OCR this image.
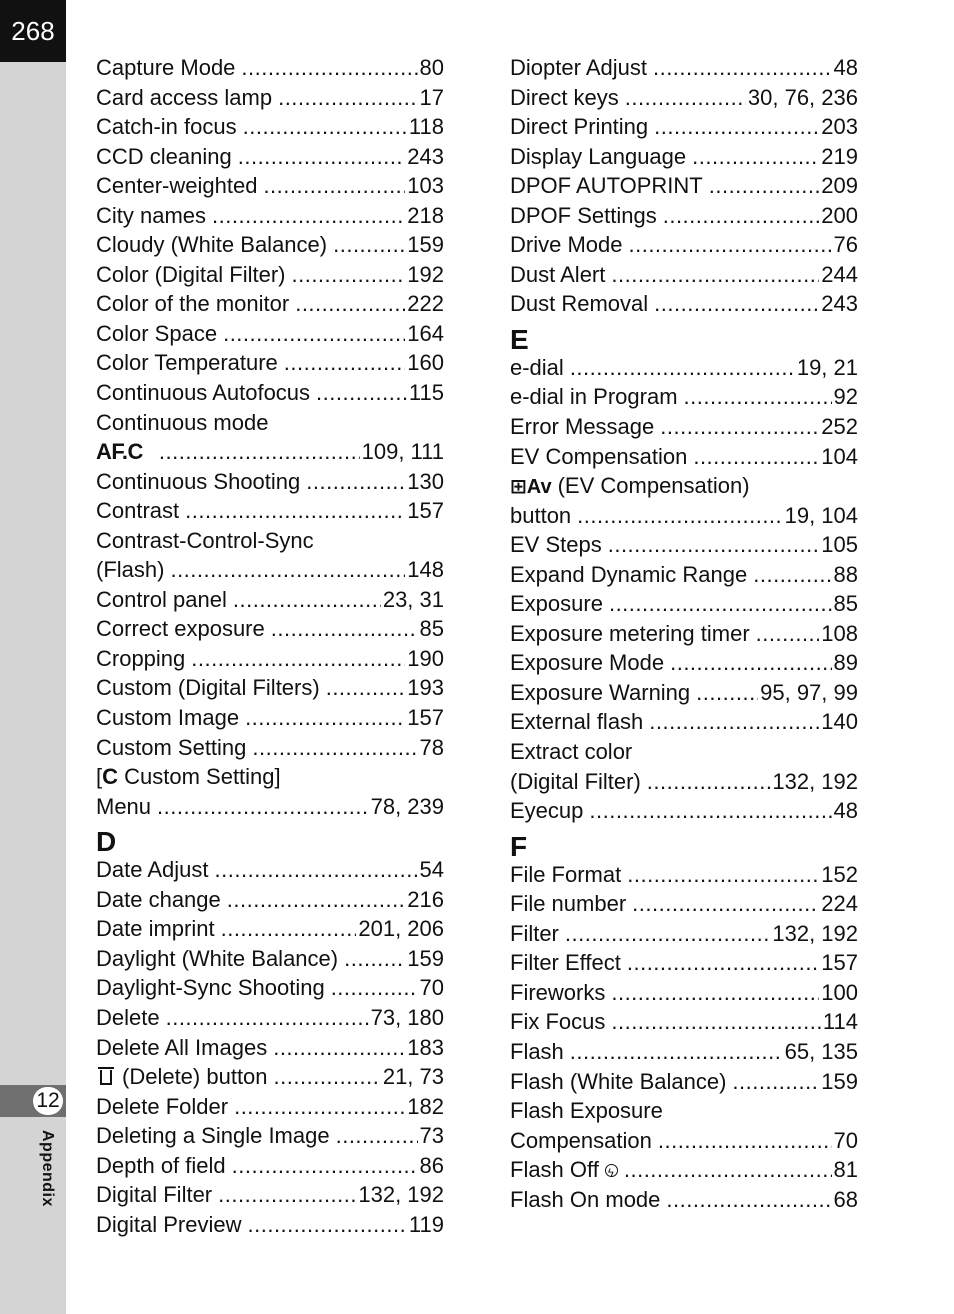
268
12
Appendix
Capture Mode .....	80
Card access lamp .....	17
Catch-in focus .....	118
CCD cleaning .....	243
Center-weighted .....	103
City names .....	218
Cloudy (White Balance) .....	159
Color (Digital Filter) .....	192
Color of the monitor .....	222
Color Space .....	164
Color Temperature .....	160
Continuous Autofocus .....	115
Continuous mode
AF.C .....	109, 111
Continuous Shooting .....	130
Contrast .....	157
Contrast-Control-Sync
(Flash) .....	148
Control panel .....	23, 31
Correct exposure .....	85
Cropping .....	190
Custom (Digital Filters) .....	193
Custom Image .....	157
Custom Setting .....	78
[C Custom Setting]
Menu .....	78, 239
D
Date Adjust .....	54
Date change .....	216
Date imprint .....	201, 206
Daylight (White Balance) .....	159
Daylight-Sync Shooting .....	70
Delete .....	73, 180
Delete All Images .....	183
(Delete) button .....	21, 73
Delete Folder .....	182
Deleting a Single Image .....	73
Depth of field .....	86
Digital Filter .....	132, 192
Digital Preview .....	119
Diopter Adjust .....	48
Direct keys .....	30, 76, 236
Direct Printing .....	203
Display Language .....	219
DPOF AUTOPRINT .....	209
DPOF Settings .....	200
Drive Mode .....	76
Dust Alert .....	244
Dust Removal .....	243
E
e-dial .....	19, 21
e-dial in Program .....	92
Error Message .....	252
EV Compensation .....	104
⊞Av (EV Compensation)
button .....	19, 104
EV Steps .....	105
Expand Dynamic Range .....	88
Exposure .....	85
Exposure metering timer .....	108
Exposure Mode .....	89
Exposure Warning .....	95, 97, 99
External flash .....	140
Extract color
(Digital Filter) .....	132, 192
Eyecup .....	48
F
File Format .....	152
File number .....	224
Filter .....	132, 192
Filter Effect .....	157
Fireworks .....	100
Fix Focus .....	114
Flash .....	65, 135
Flash (White Balance) .....	159
Flash Exposure
Compensation .....	70
Flash Off ϟ .....	81
Flash On mode .....	68
